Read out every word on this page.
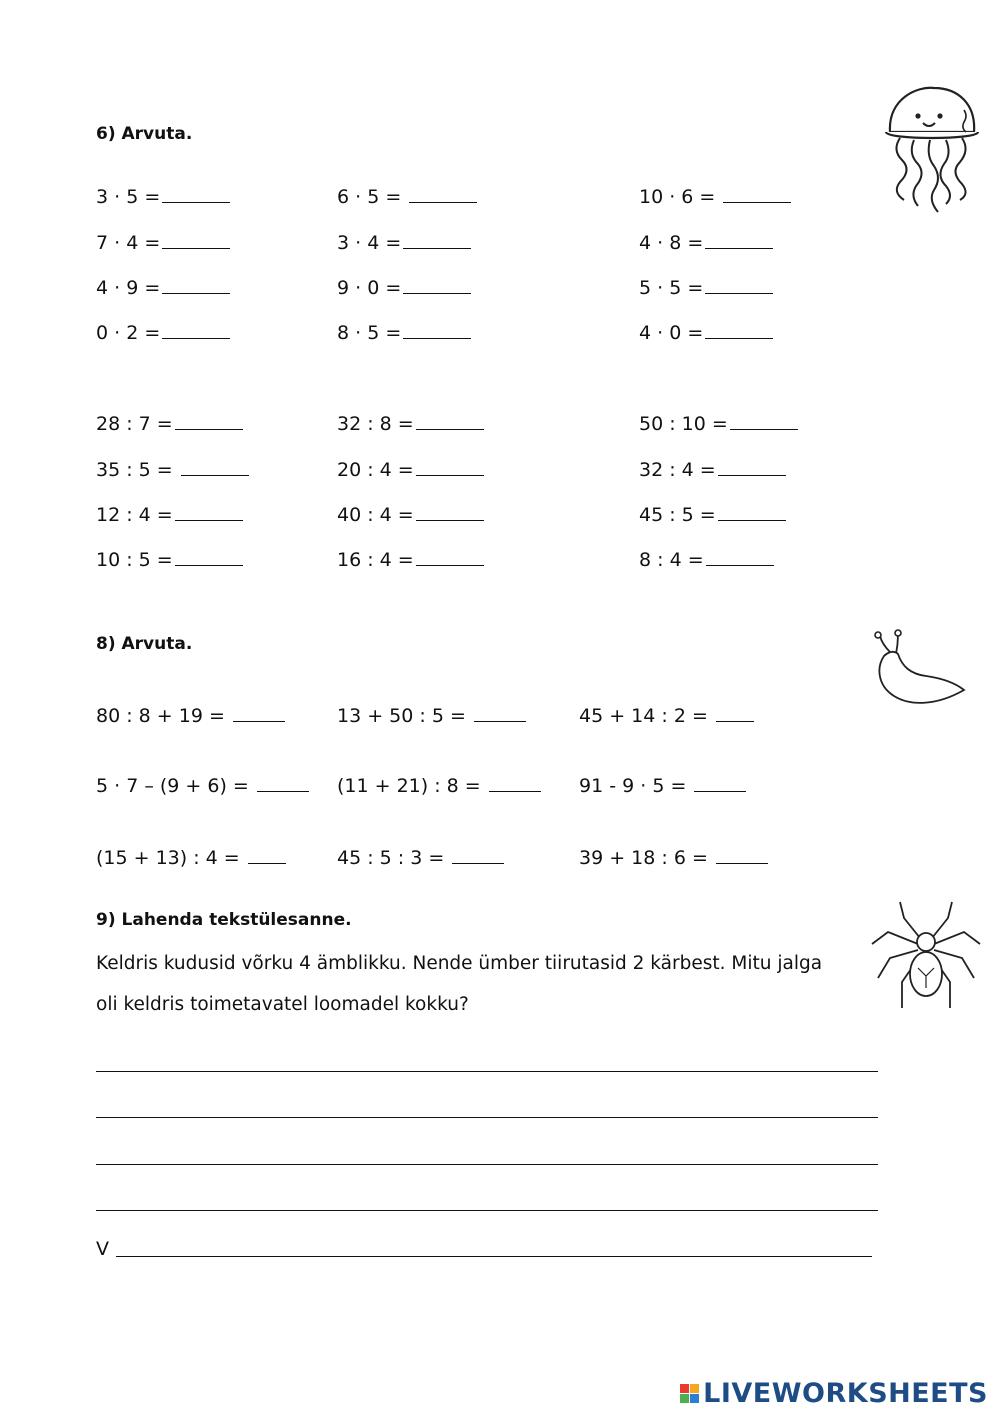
6) Arvuta.
3 · 5 =	6 · 5 =	10 · 6 =
7 · 4 =	3 · 4 =	4 · 8 =
4 · 9 =	9 · 0 =	5 · 5 =
0 · 2 =	8 · 5 =	4 · 0 =
28 : 7 =	32 : 8 =	50 : 10 =
35 : 5 =	20 : 4 =	32 : 4 =
12 : 4 =	40 : 4 =	45 : 5 =
10 : 5 =	16 : 4 =	8 : 4 =
8) Arvuta.
80 : 8 + 19 =	13 + 50 : 5 =	45 + 14 : 2 =
5 · 7 – (9 + 6) =	(11 + 21) : 8 =	91 - 9 · 5 =
(15 + 13) : 4 =	45 : 5 : 3 =	39 + 18 : 6 =
9) Lahenda tekstülesanne.
Keldris kudusid võrku 4 ämblikku. Nende ümber tiirutasid 2 kärbest. Mitu jalga
oli keldris toimetavatel loomadel kokku?
V
LIVEWORKSHEETS
